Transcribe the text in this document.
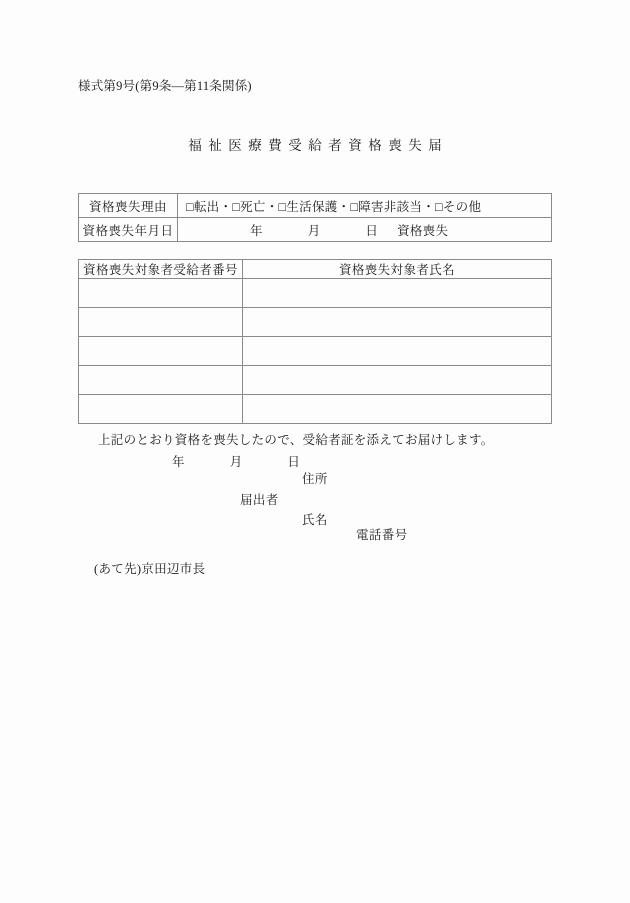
様式第9号(第9条―第11条関係)
福祉医療費受給者資格喪失届
資格喪失理由	□転出・□死亡・□生活保護・□障害非該当・□その他
資格喪失年月日	年 月 日 資格喪失
資格喪失対象者受給者番号	資格喪失対象者氏名

上記のとおり資格を喪失したので、受給者証を添えてお届けします。
年	月	日
届出者
住所
氏名
電話番号
(あて先)京田辺市長
